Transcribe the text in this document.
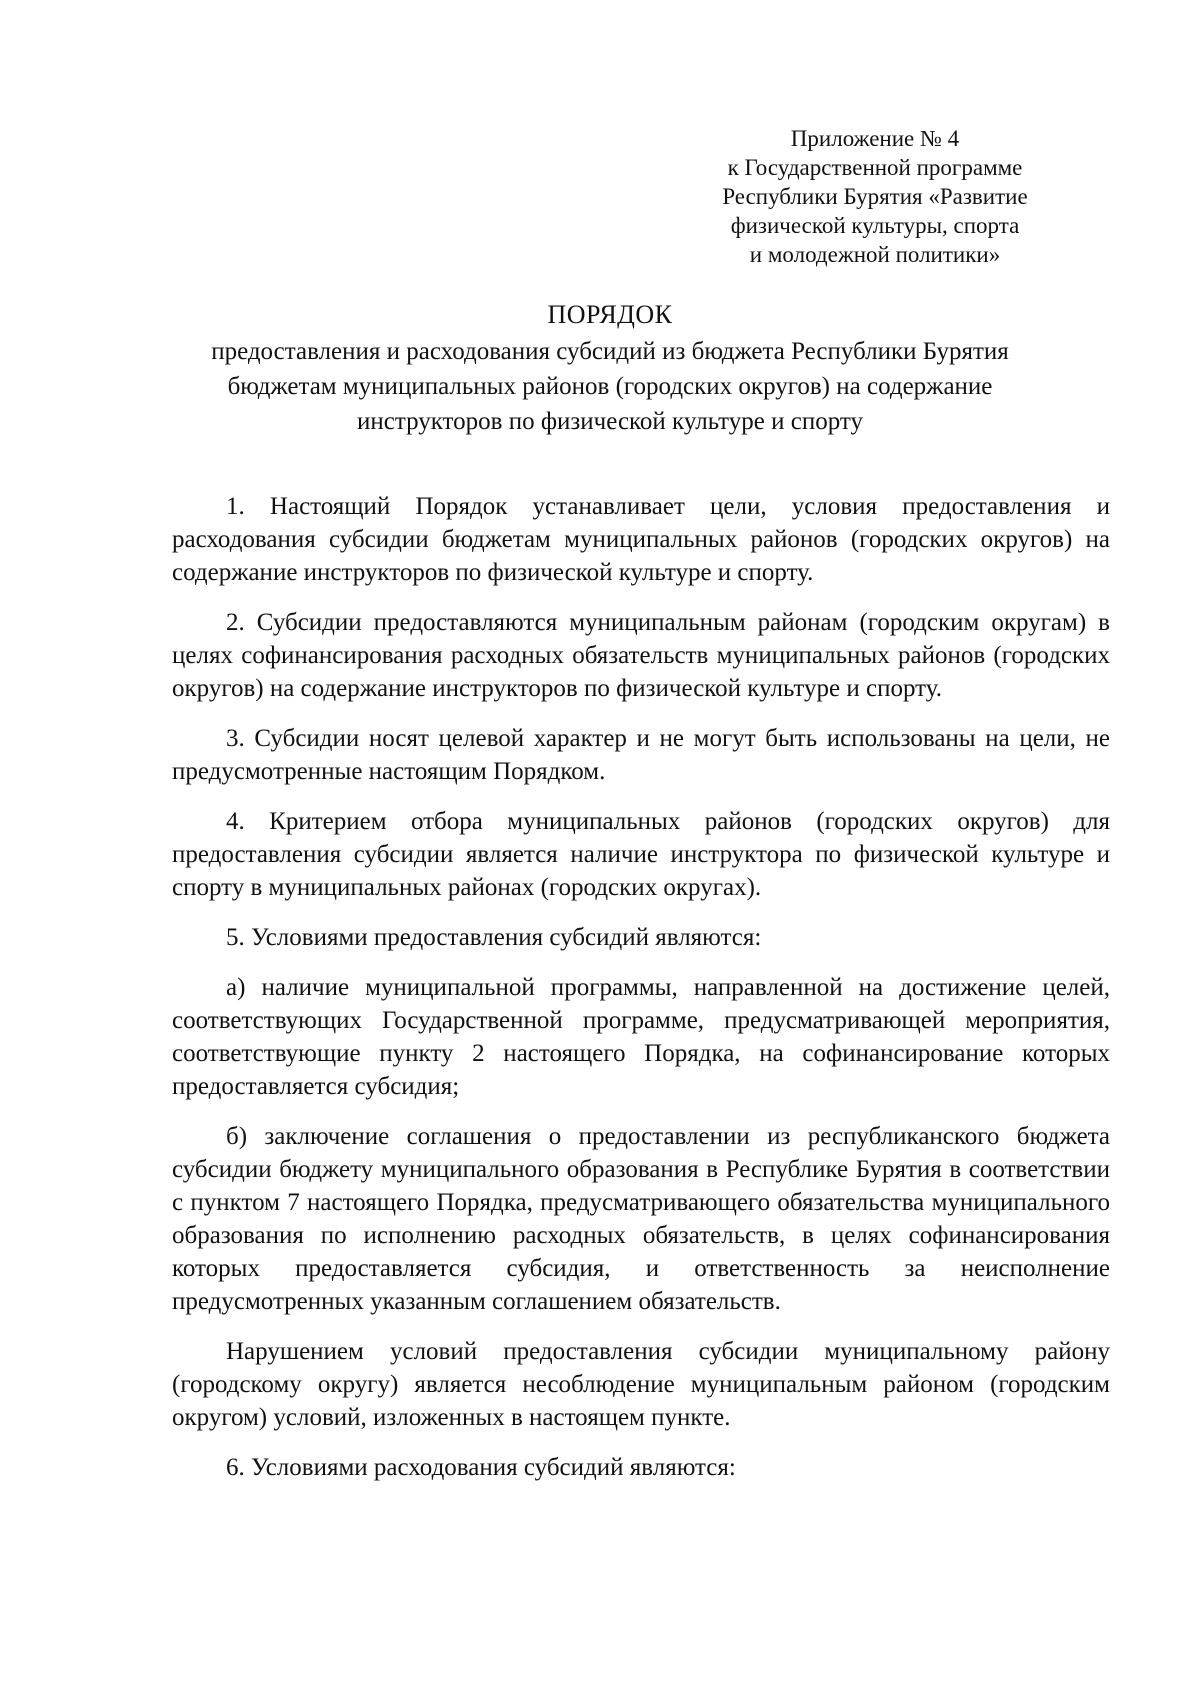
Приложение № 4
к Государственной программе
Республики Бурятия «Развитие
физической культуры, спорта
и молодежной политики»
ПОРЯДОК
предоставления и расходования субсидий из бюджета Республики Бурятия
бюджетам муниципальных районов (городских округов) на содержание
инструкторов по физической культуре и спорту

1. Настоящий Порядок устанавливает цели, условия предоставления и расходования субсидии бюджетам муниципальных районов (городских округов) на содержание инструкторов по физической культуре и спорту.

2. Субсидии предоставляются муниципальным районам (городским округам) в целях софинансирования расходных обязательств муниципальных районов (городских округов) на содержание инструкторов по физической культуре и спорту.

3. Субсидии носят целевой характер и не могут быть использованы на цели, не предусмотренные настоящим Порядком.

4. Критерием отбора муниципальных районов (городских округов) для предоставления субсидии является наличие инструктора по физической культуре и спорту в муниципальных районах (городских округах).

5. Условиями предоставления субсидий являются:

а) наличие муниципальной программы, направленной на достижение целей, соответствующих Государственной программе, предусматривающей мероприятия, соответствующие пункту 2 настоящего Порядка, на софинансирование которых предоставляется субсидия;

б) заключение соглашения о предоставлении из республиканского бюджета субсидии бюджету муниципального образования в Республике Бурятия в соответствии с пунктом 7 настоящего Порядка, предусматривающего обязательства муниципального образования по исполнению расходных обязательств, в целях софинансирования которых предоставляется субсидия, и ответственность за неисполнение предусмотренных указанным соглашением обязательств.

Нарушением условий предоставления субсидии муниципальному району (городскому округу) является несоблюдение муниципальным районом (городским округом) условий, изложенных в настоящем пункте.

6. Условиями расходования субсидий являются:
